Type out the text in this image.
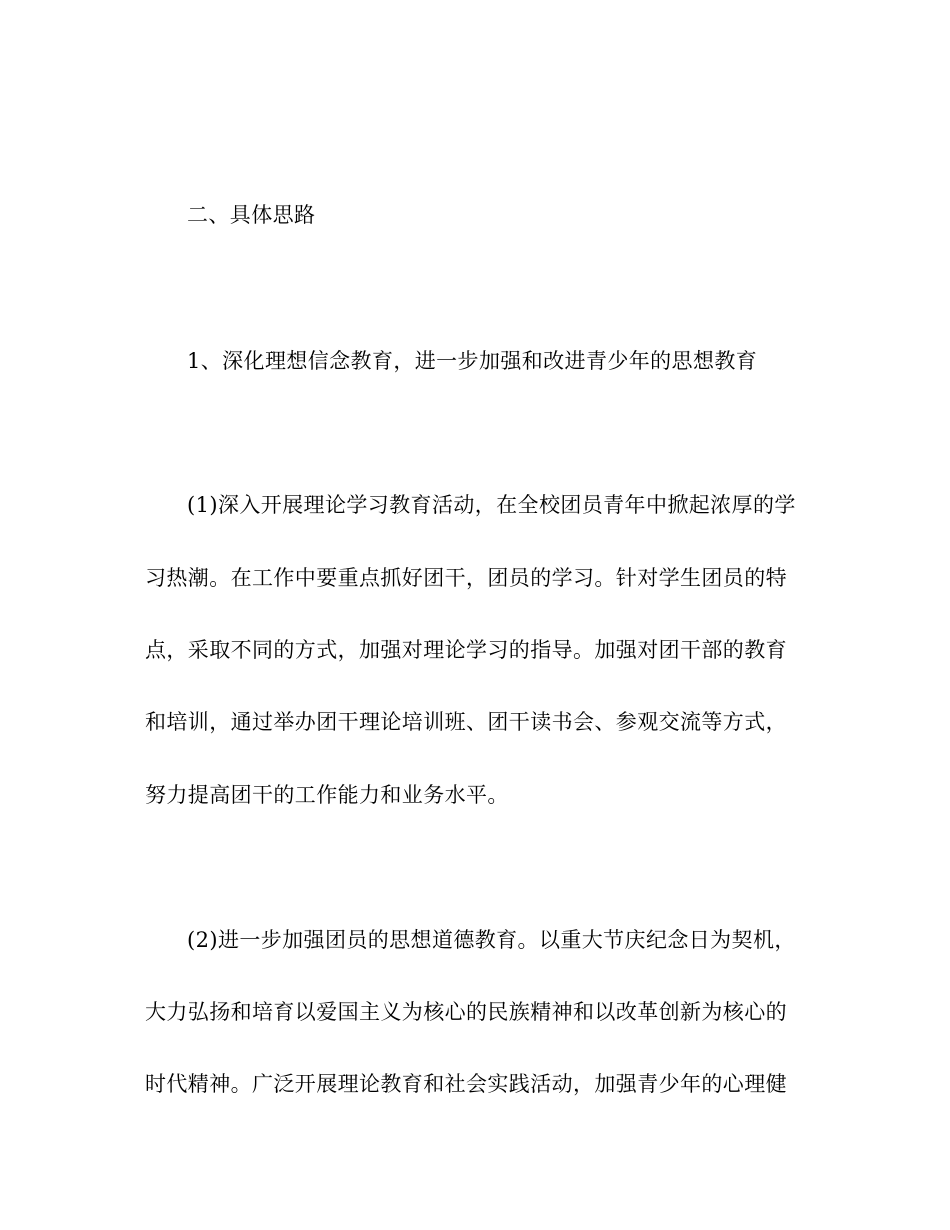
二、具体思路
1、深化理想信念教育，进一步加强和改进青少年的思想教育
(1)深入开展理论学习教育活动，在全校团员青年中掀起浓厚的学
习热潮。在工作中要重点抓好团干，团员的学习。针对学生团员的特
点，采取不同的方式，加强对理论学习的指导。加强对团干部的教育
和培训，通过举办团干理论培训班、团干读书会、参观交流等方式，
努力提高团干的工作能力和业务水平。
(2)进一步加强团员的思想道德教育。以重大节庆纪念日为契机，
大力弘扬和培育以爱国主义为核心的民族精神和以改革创新为核心的
时代精神。广泛开展理论教育和社会实践活动，加强青少年的心理健
